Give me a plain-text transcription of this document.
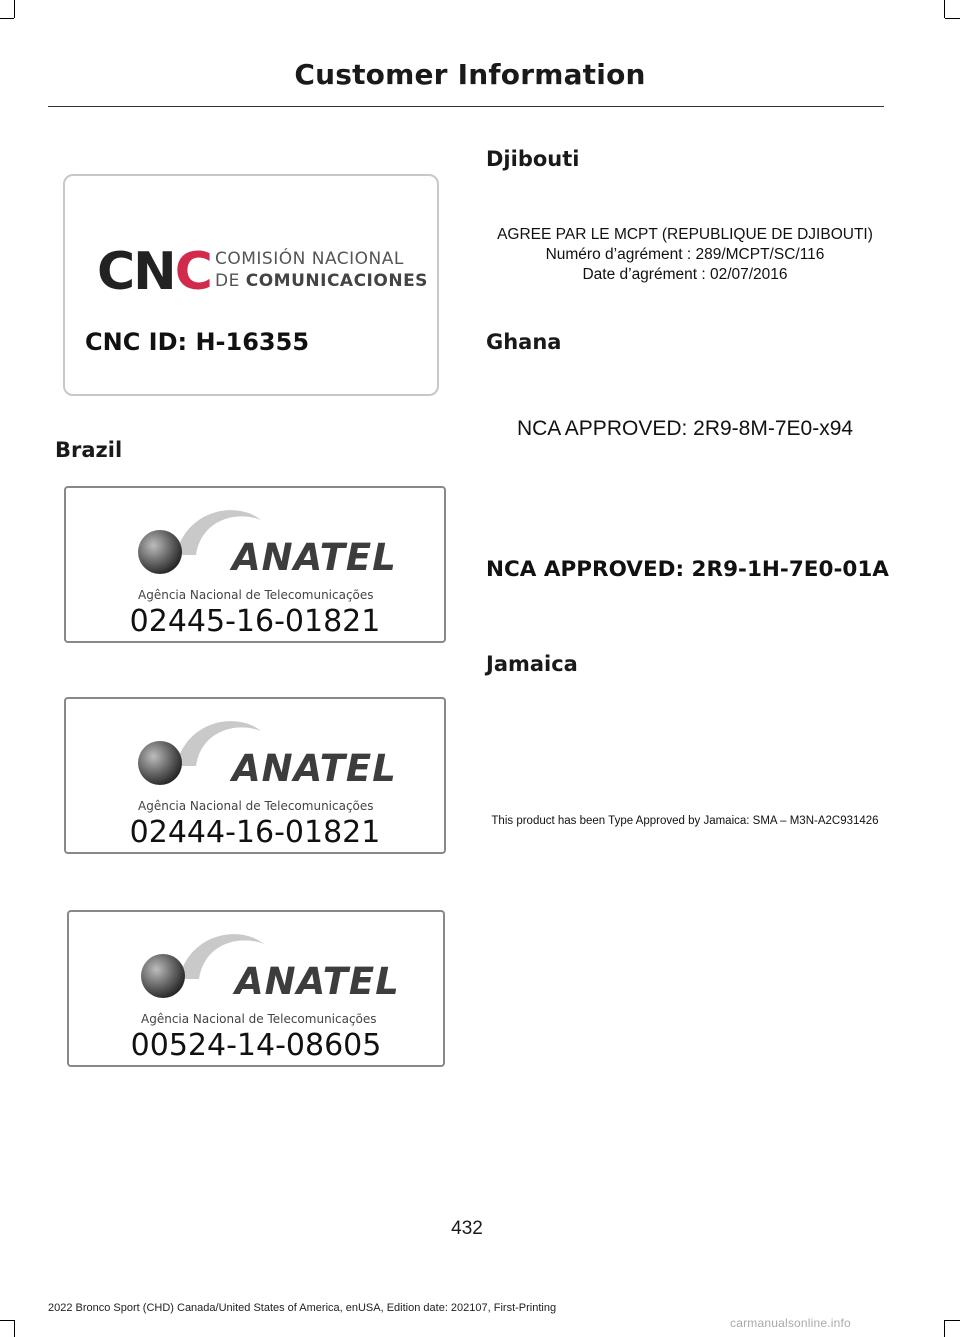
Customer Information
CNC COMISIÓN NACIONAL
DE COMUNICACIONES
CNC ID: H-16355
Brazil
ANATEL
Agência Nacional de Telecomunicações
02445-16-01821
ANATEL
Agência Nacional de Telecomunicações
02444-16-01821
ANATEL
Agência Nacional de Telecomunicações
00524-14-08605
Djibouti
AGREE PAR LE MCPT (REPUBLIQUE DE DJIBOUTI)
Numéro d’agrément : 289/MCPT/SC/116
Date d’agrément : 02/07/2016
Ghana
NCA APPROVED: 2R9-8M-7E0-x94
NCA APPROVED: 2R9-1H-7E0-01A
Jamaica
This product has been Type Approved by Jamaica: SMA – M3N-A2C931426
432
2022 Bronco Sport (CHD) Canada/United States of America, enUSA, Edition date: 202107, First-Printing
carmanualsonline.info
